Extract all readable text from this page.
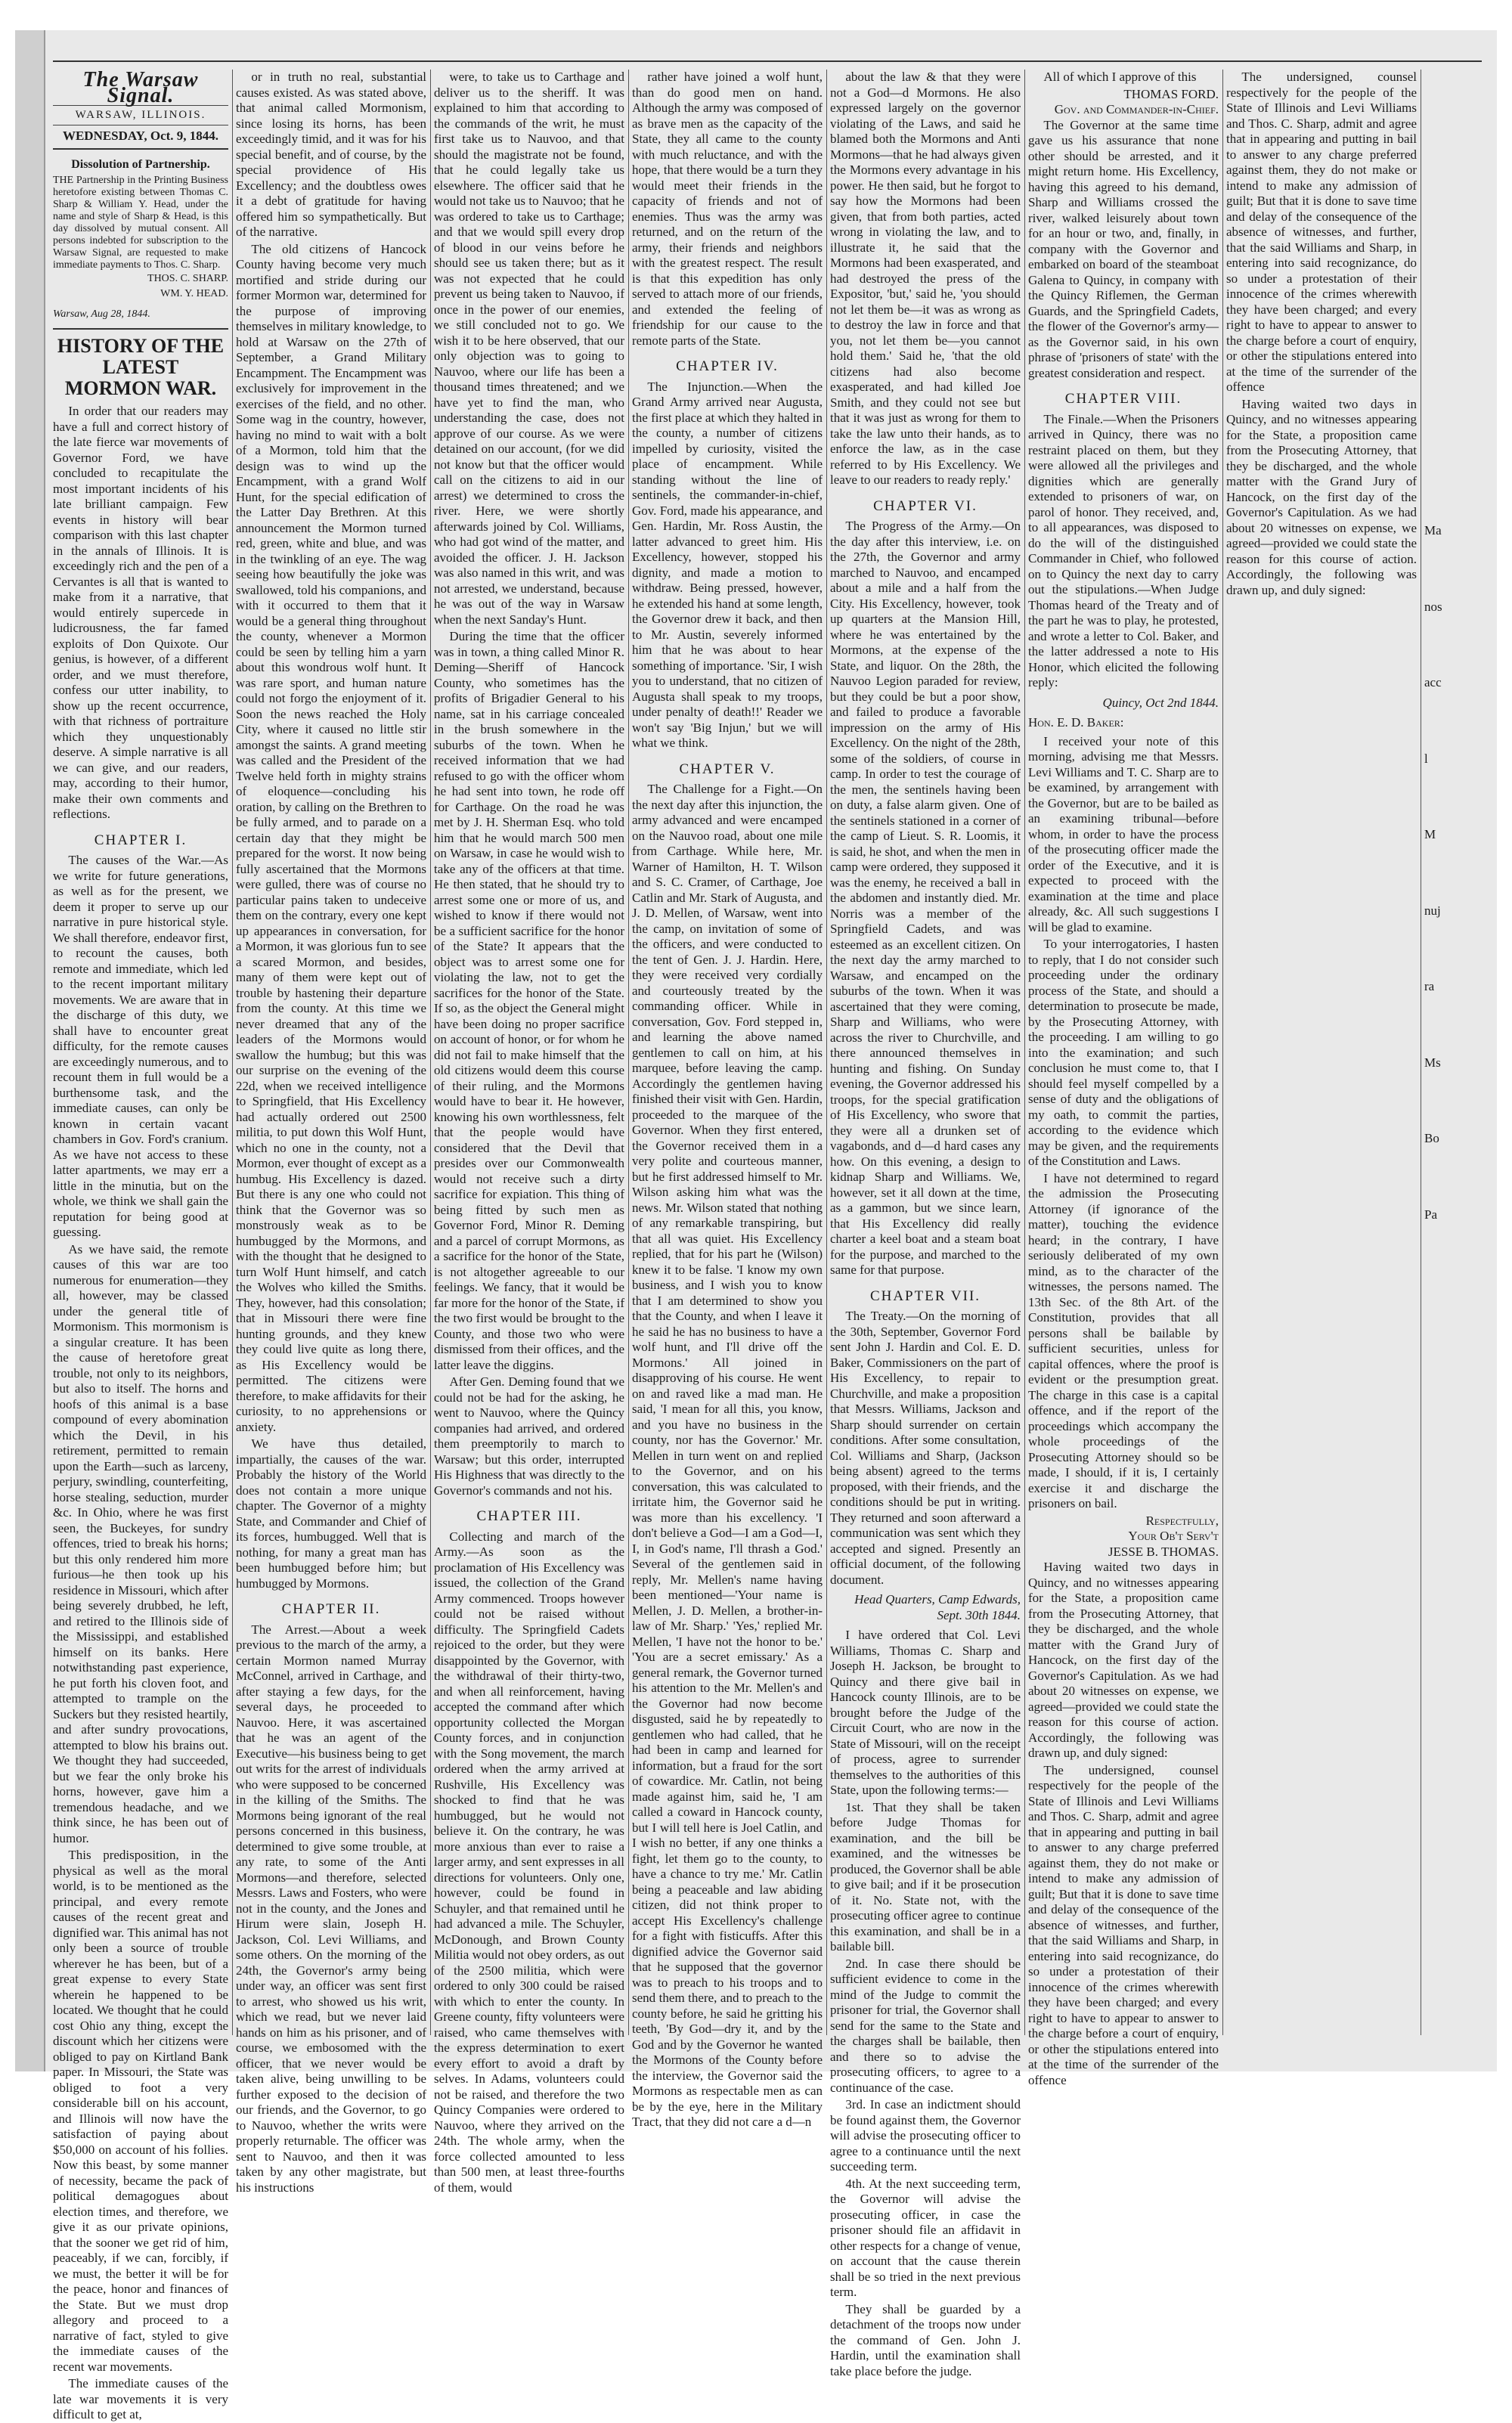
The Warsaw Signal.
WARSAW, ILLINOIS.
WEDNESDAY, Oct. 9, 1844.
Dissolution of Partnership.
THE Partnership in the Printing Business heretofore existing between Thomas C. Sharp & William Y. Head, under the name and style of Sharp & Head, is this day dissolved by mutual consent. All persons indebted for subscription to the Warsaw Signal, are requested to make immediate payments to Thos. C. Sharp.
THOS. C. SHARP.
WM. Y. HEAD.
Warsaw, Aug 28, 1844.
HISTORY OF THE LATEST MORMON WAR.

In order that our readers may have a full and correct history of the late fierce war movements of Governor Ford, we have concluded to recapitulate the most important incidents of his late brilliant campaign. Few events in history will bear comparison with this last chapter in the annals of Illinois. It is exceedingly rich and the pen of a Cervantes is all that is wanted to make from it a narrative, that would entirely supercede in ludicrousness, the far famed exploits of Don Quixote. Our genius, is however, of a different order, and we must therefore, confess our utter inability, to show up the recent occurrence, with that richness of portraiture which they unquestionably deserve. A simple narrative is all we can give, and our readers, may, according to their humor, make their own comments and reflections.

CHAPTER I.

The causes of the War.—As we write for future generations, as well as for the present, we deem it proper to serve up our narrative in pure historical style. We shall therefore, endeavor first, to recount the causes, both remote and immediate, which led to the recent important military movements. We are aware that in the discharge of this duty, we shall have to encounter great difficulty, for the remote causes are exceedingly numerous, and to recount them in full would be a burthensome task, and the immediate causes, can only be known in certain vacant chambers in Gov. Ford's cranium. As we have not access to these latter apartments, we may err a little in the minutia, but on the whole, we think we shall gain the reputation for being good at guessing.

As we have said, the remote causes of this war are too numerous for enumeration—they all, however, may be classed under the general title of Mormonism. This mormonism is a singular creature. It has been the cause of heretofore great trouble, not only to its neighbors, but also to itself. The horns and hoofs of this animal is a base compound of every abomination which the Devil, in his retirement, permitted to remain upon the Earth—such as larceny, perjury, swindling, counterfeiting, horse stealing, seduction, murder &c. In Ohio, where he was first seen, the Buckeyes, for sundry offences, tried to break his horns; but this only rendered him more furious—he then took up his residence in Missouri, which after being severely drubbed, he left, and retired to the Illinois side of the Mississippi, and established himself on its banks. Here notwithstanding past experience, he put forth his cloven foot, and attempted to trample on the Suckers but they resisted heartily, and after sundry provocations, attempted to blow his brains out. We thought they had succeeded, but we fear the only broke his horns, however, gave him a tremendous headache, and we think since, he has been out of humor.

This predisposition, in the physical as well as the moral world, is to be mentioned as the principal, and every remote causes of the recent great and dignified war. This animal has not only been a source of trouble wherever he has been, but of a great expense to every State wherein he happened to be located. We thought that he could cost Ohio any thing, except the discount which her citizens were obliged to pay on Kirtland Bank paper. In Missouri, the State was obliged to foot a very considerable bill on his account, and Illinois will now have the satisfaction of paying about $50,000 on account of his follies. Now this beast, by some manner of necessity, became the pack of political demagogues about election times, and therefore, we give it as our private opinions, that the sooner we get rid of him, peaceably, if we can, forcibly, if we must, the better it will be for the peace, honor and finances of the State. But we must drop allegory and proceed to a narrative of fact, styled to give the immediate causes of the recent war movements.

The immediate causes of the late war movements it is very difficult to get at,

or in truth no real, substantial causes existed. As was stated above, that animal called Mormonism, since losing its horns, has been exceedingly timid, and it was for his special benefit, and of course, by the special providence of His Excellency; and the doubtless owes it a debt of gratitude for having offered him so sympathetically. But of the narrative.

The old citizens of Hancock County having become very much mortified and stride during our former Mormon war, determined for the purpose of improving themselves in military knowledge, to hold at Warsaw on the 27th of September, a Grand Military Encampment. The Encampment was exclusively for improvement in the exercises of the field, and no other. Some wag in the country, however, having no mind to wait with a bolt of a Mormon, told him that the design was to wind up the Encampment, with a grand Wolf Hunt, for the special edification of the Latter Day Brethren. At this announcement the Mormon turned red, green, white and blue, and was in the twinkling of an eye. The wag seeing how beautifully the joke was swallowed, told his companions, and with it occurred to them that it would be a general thing throughout the county, whenever a Mormon could be seen by telling him a yarn about this wondrous wolf hunt. It was rare sport, and human nature could not forgo the enjoyment of it. Soon the news reached the Holy City, where it caused no little stir amongst the saints. A grand meeting was called and the President of the Twelve held forth in mighty strains of eloquence—concluding his oration, by calling on the Brethren to be fully armed, and to parade on a certain day that they might be prepared for the worst. It now being fully ascertained that the Mormons were gulled, there was of course no particular pains taken to undeceive them on the contrary, every one kept up appearances in conversation, for a Mormon, it was glorious fun to see a scared Mormon, and besides, many of them were kept out of trouble by hastening their departure from the county. At this time we never dreamed that any of the leaders of the Mormons would swallow the humbug; but this was our surprise on the evening of the 22d, when we received intelligence to Springfield, that His Excellency had actually ordered out 2500 militia, to put down this Wolf Hunt, which no one in the county, not a Mormon, ever thought of except as a humbug. His Excellency is dazed. But there is any one who could not think that the Governor was so monstrously weak as to be humbugged by the Mormons, and with the thought that he designed to turn Wolf Hunt himself, and catch the Wolves who killed the Smiths. They, however, had this consolation; that in Missouri there were fine hunting grounds, and they knew they could live quite as long there, as His Excellency would be permitted. The citizens were therefore, to make affidavits for their curiosity, to no apprehensions or anxiety.

We have thus detailed, impartially, the causes of the war. Probably the history of the World does not contain a more unique chapter. The Governor of a mighty State, and Commander and Chief of its forces, humbugged. Well that is nothing, for many a great man has been humbugged before him; but humbugged by Mormons.

CHAPTER II.

The Arrest.—About a week previous to the march of the army, a certain Mormon named Murray McConnel, arrived in Carthage, and after staying a few days, for the several days, he proceeded to Nauvoo. Here, it was ascertained that he was an agent of the Executive—his business being to get out writs for the arrest of individuals who were supposed to be concerned in the killing of the Smiths. The Mormons being ignorant of the real persons concerned in this business, determined to give some trouble, at any rate, to some of the Anti Mormons—and therefore, selected Messrs. Laws and Fosters, who were not in the county, and the Jones and Hirum were slain, Joseph H. Jackson, Col. Levi Williams, and some others. On the morning of the 24th, the Governor's army being under way, an officer was sent first to arrest, who showed us his writ, which we read, but we never laid hands on him as his prisoner, and of course, we embosomed with the officer, that we never would be taken alive, being unwilling to be further exposed to the decision of our friends, and the Governor, to go to Nauvoo, whether the writs were properly returnable. The officer was sent to Nauvoo, and then it was taken by any other magistrate, but his instructions

were, to take us to Carthage and deliver us to the sheriff. It was explained to him that according to the commands of the writ, he must first take us to Nauvoo, and that should the magistrate not be found, that he could legally take us elsewhere. The officer said that he would not take us to Nauvoo; that he was ordered to take us to Carthage; and that we would spill every drop of blood in our veins before he should see us taken there; but as it was not expected that he could prevent us being taken to Nauvoo, if once in the power of our enemies, we still concluded not to go. We wish it to be here observed, that our only objection was to going to Nauvoo, where our life has been a thousand times threatened; and we have yet to find the man, who understanding the case, does not approve of our course. As we were detained on our account, (for we did not know but that the officer would call on the citizens to aid in our arrest) we determined to cross the river. Here, we were shortly afterwards joined by Col. Williams, who had got wind of the matter, and avoided the officer. J. H. Jackson was also named in this writ, and was not arrested, we understand, because he was out of the way in Warsaw when the next Sanday's Hunt.

During the time that the officer was in town, a thing called Minor R. Deming—Sheriff of Hancock County, who sometimes has the profits of Brigadier General to his name, sat in his carriage concealed in the brush somewhere in the suburbs of the town. When he received information that we had refused to go with the officer whom he had sent into town, he rode off for Carthage. On the road he was met by J. H. Sherman Esq. who told him that he would march 500 men on Warsaw, in case he would wish to take any of the officers at that time. He then stated, that he should try to arrest some one or more of us, and wished to know if there would not be a sufficient sacrifice for the honor of the State? It appears that the object was to arrest some one for violating the law, not to get the sacrifices for the honor of the State. If so, as the object the General might have been doing no proper sacrifice on account of honor, or for whom he did not fail to make himself that the old citizens would deem this course of their ruling, and the Mormons would have to bear it. He however, knowing his own worthlessness, felt that the people would have considered that the Devil that presides over our Commonwealth would not receive such a dirty sacrifice for expiation. This thing of being fitted by such men as Governor Ford, Minor R. Deming and a parcel of corrupt Mormons, as a sacrifice for the honor of the State, is not altogether agreeable to our feelings. We fancy, that it would be far more for the honor of the State, if the two first would be brought to the County, and those two who were dismissed from their offices, and the latter leave the diggins.

After Gen. Deming found that we could not be had for the asking, he went to Nauvoo, where the Quincy companies had arrived, and ordered them preemptorily to march to Warsaw; but this order, interrupted His Highness that was directly to the Governor's commands and not his.

CHAPTER III.

Collecting and march of the Army.—As soon as the proclamation of His Excellency was issued, the collection of the Grand Army commenced. Troops however could not be raised without difficulty. The Springfield Cadets rejoiced to the order, but they were disappointed by the Governor, with the withdrawal of their thirty-two, and when all reinforcement, having accepted the command after which opportunity collected the Morgan County forces, and in conjunction with the Song movement, the march ordered when the army arrived at Rushville, His Excellency was shocked to find that he was humbugged, but he would not believe it. On the contrary, he was more anxious than ever to raise a larger army, and sent expresses in all directions for volunteers. Only one, however, could be found in Schuyler, and that remained until he had advanced a mile. The Schuyler, McDonough, and Brown County Militia would not obey orders, as out of the 2500 militia, which were ordered to only 300 could be raised with which to enter the county. In Greene county, fifty volunteers were raised, who came themselves with the express determination to exert every effort to avoid a draft by selves. In Adams, volunteers could not be raised, and therefore the two Quincy Companies were ordered to Nauvoo, where they arrived on the 24th. The whole army, when the force collected amounted to less than 500 men, at least three-fourths of them, would

rather have joined a wolf hunt, than do good men on hand. Although the army was composed of as brave men as the capacity of the State, they all came to the county with much reluctance, and with the hope, that there would be a turn they would meet their friends in the capacity of friends and not of enemies. Thus was the army was returned, and on the return of the army, their friends and neighbors with the greatest respect. The result is that this expedition has only served to attach more of our friends, and extended the feeling of friendship for our cause to the remote parts of the State.

CHAPTER IV.

The Injunction.—When the Grand Army arrived near Augusta, the first place at which they halted in the county, a number of citizens impelled by curiosity, visited the place of encampment. While standing without the line of sentinels, the commander-in-chief, Gov. Ford, made his appearance, and Gen. Hardin, Mr. Ross Austin, the latter advanced to greet him. His Excellency, however, stopped his dignity, and made a motion to withdraw. Being pressed, however, he extended his hand at some length, the Governor drew it back, and then to Mr. Austin, severely informed him that he was about to hear something of importance. 'Sir, I wish you to understand, that no citizen of Augusta shall speak to my troops, under penalty of death!!' Reader we won't say 'Big Injun,' but we will what we think.

CHAPTER V.

The Challenge for a Fight.—On the next day after this injunction, the army advanced and were encamped on the Nauvoo road, about one mile from Carthage. While here, Mr. Warner of Hamilton, H. T. Wilson and S. C. Cramer, of Carthage, Joe Catlin and Mr. Stark of Augusta, and J. D. Mellen, of Warsaw, went into the camp, on invitation of some of the officers, and were conducted to the tent of Gen. J. J. Hardin. Here, they were received very cordially and courteously treated by the commanding officer. While in conversation, Gov. Ford stepped in, and learning the above named gentlemen to call on him, at his marquee, before leaving the camp. Accordingly the gentlemen having finished their visit with Gen. Hardin, proceeded to the marquee of the Governor. When they first entered, the Governor received them in a very polite and courteous manner, but he first addressed himself to Mr. Wilson asking him what was the news. Mr. Wilson stated that nothing of any remarkable transpiring, but that all was quiet. His Excellency replied, that for his part he (Wilson) knew it to be false. 'I know my own business, and I wish you to know that I am determined to show you that the County, and when I leave it he said he has no business to have a wolf hunt, and I'll drive off the Mormons.' All joined in disapproving of his course. He went on and raved like a mad man. He said, 'I mean for all this, you know, and you have no business in the county, nor has the Governor.' Mr. Mellen in turn went on and replied to the Governor, and on his conversation, this was calculated to irritate him, the Governor said he was more than his excellency. 'I don't believe a God—I am a God—I, I, in God's name, I'll thrash a God.' Several of the gentlemen said in reply, Mr. Mellen's name having been mentioned—'Your name is Mellen, J. D. Mellen, a brother-in-law of Mr. Sharp.' 'Yes,' replied Mr. Mellen, 'I have not the honor to be.' 'You are a secret emissary.' As a general remark, the Governor turned his attention to the Mr. Mellen's and the Governor had now become disgusted, said he by repeatedly to gentlemen who had called, that he had been in camp and learned for information, but a fraud for the sort of cowardice. Mr. Catlin, not being made against him, said he, 'I am called a coward in Hancock county, but I will tell here is Joel Catlin, and I wish no better, if any one thinks a fight, let them go to the county, to have a chance to try me.' Mr. Catlin being a peaceable and law abiding citizen, did not think proper to accept His Excellency's challenge for a fight with fisticuffs. After this dignified advice the Governor said that he supposed that the governor was to preach to his troops and to send them there, and to preach to the county before, he said he gritting his teeth, 'By God—dry it, and by the God and by the Governor he wanted the Mormons of the County before the interview, the Governor said the Mormons as respectable men as can be by the eye, here in the Military Tract, that they did not care a d—n

about the law & that they were not a God—d Mormons. He also expressed largely on the governor violating of the Laws, and said he blamed both the Mormons and Anti Mormons—that he had always given the Mormons every advantage in his power. He then said, but he forgot to say how the Mormons had been given, that from both parties, acted wrong in violating the law, and to illustrate it, he said that the Mormons had been exasperated, and had destroyed the press of the Expositor, 'but,' said he, 'you should not let them be—it was as wrong as to destroy the law in force and that you, not let them be—you cannot hold them.' Said he, 'that the old citizens had also become exasperated, and had killed Joe Smith, and they could not see but that it was just as wrong for them to take the law unto their hands, as to enforce the law, as in the case referred to by His Excellency. We leave to our readers to ready reply.'

CHAPTER VI.

The Progress of the Army.—On the day after this interview, i.e. on the 27th, the Governor and army marched to Nauvoo, and encamped about a mile and a half from the City. His Excellency, however, took up quarters at the Mansion Hill, where he was entertained by the Mormons, at the expense of the State, and liquor. On the 28th, the Nauvoo Legion paraded for review, but they could be but a poor show, and failed to produce a favorable impression on the army of His Excellency. On the night of the 28th, some of the soldiers, of course in camp. In order to test the courage of the men, the sentinels having been on duty, a false alarm given. One of the sentinels stationed in a corner of the camp of Lieut. S. R. Loomis, it is said, he shot, and when the men in camp were ordered, they supposed it was the enemy, he received a ball in the abdomen and instantly died. Mr. Norris was a member of the Springfield Cadets, and was esteemed as an excellent citizen. On the next day the army marched to Warsaw, and encamped on the suburbs of the town. When it was ascertained that they were coming, Sharp and Williams, who were across the river to Churchville, and there announced themselves in hunting and fishing. On Sunday evening, the Governor addressed his troops, for the special gratification of His Excellency, who swore that they were all a drunken set of vagabonds, and d—d hard cases any how. On this evening, a design to kidnap Sharp and Williams. We, however, set it all down at the time, as a gammon, but we since learn, that His Excellency did really charter a keel boat and a steam boat for the purpose, and marched to the same for that purpose.

CHAPTER VII.

The Treaty.—On the morning of the 30th, September, Governor Ford sent John J. Hardin and Col. E. D. Baker, Commissioners on the part of His Excellency, to repair to Churchville, and make a proposition that Messrs. Williams, Jackson and Sharp should surrender on certain conditions. After some consultation, Col. Williams and Sharp, (Jackson being absent) agreed to the terms proposed, with their friends, and the conditions should be put in writing. They returned and soon afterward a communication was sent which they accepted and signed. Presently an official document, of the following document.

Head Quarters, Camp Edwards, Sept. 30th 1844.

I have ordered that Col. Levi Williams, Thomas C. Sharp and Joseph H. Jackson, be brought to Quincy and there give bail in Hancock county Illinois, are to be brought before the Judge of the Circuit Court, who are now in the State of Missouri, will on the receipt of process, agree to surrender themselves to the authorities of this State, upon the following terms:—

1st. That they shall be taken before Judge Thomas for examination, and the bill be examined, and the witnesses be produced, the Governor shall be able to give bail; and if it be prosecution of it. No. State not, with the prosecuting officer agree to continue this examination, and shall be in a bailable bill.

2nd. In case there should be sufficient evidence to come in the mind of the Judge to commit the prisoner for trial, the Governor shall send for the same to the State and the charges shall be bailable, then and there so to advise the prosecuting officers, to agree to a continuance of the case.

3rd. In case an indictment should be found against them, the Governor will advise the prosecuting officer to agree to a continuance until the next succeeding term.

4th. At the next succeeding term, the Governor will advise the prosecuting officer, in case the prisoner should file an affidavit in other respects for a change of venue, on account that the cause therein shall be so tried in the next previous term.

They shall be guarded by a detachment of the troops now under the command of Gen. John J. Hardin, until the examination shall take place before the judge.

All of which I approve of this

THOMAS FORD.
Gov. and Commander-in-Chief.

The Governor at the same time gave us his assurance that none other should be arrested, and it might return home. His Excellency, having this agreed to his demand, Sharp and Williams crossed the river, walked leisurely about town for an hour or two, and, finally, in company with the Governor and embarked on board of the steamboat Galena to Quincy, in company with the Quincy Riflemen, the German Guards, and the Springfield Cadets, the flower of the Governor's army—as the Governor said, in his own phrase of 'prisoners of state' with the greatest consideration and respect.

CHAPTER VIII.

The Finale.—When the Prisoners arrived in Quincy, there was no restraint placed on them, but they were allowed all the privileges and dignities which are generally extended to prisoners of war, on parol of honor. They received, and, to all appearances, was disposed to do the will of the distinguished Commander in Chief, who followed on to Quincy the next day to carry out the stipulations.—When Judge Thomas heard of the Treaty and of the part he was to play, he protested, and wrote a letter to Col. Baker, and the latter addressed a note to His Honor, which elicited the following reply:

Quincy, Oct 2nd 1844.
Hon. E. D. Baker:

I received your note of this morning, advising me that Messrs. Levi Williams and T. C. Sharp are to be examined, by arrangement with the Governor, but are to be bailed as an examining tribunal—before whom, in order to have the process of the prosecuting officer made the order of the Executive, and it is expected to proceed with the examination at the time and place already, &c. All such suggestions I will be glad to examine.

To your interrogatories, I hasten to reply, that I do not consider such proceeding under the ordinary process of the State, and should a determination to prosecute be made, by the Prosecuting Attorney, with the proceeding. I am willing to go into the examination; and such conclusion he must come to, that I should feel myself compelled by a sense of duty and the obligations of my oath, to commit the parties, according to the evidence which may be given, and the requirements of the Constitution and Laws.

I have not determined to regard the admission the Prosecuting Attorney (if ignorance of the matter), touching the evidence heard; in the contrary, I have seriously deliberated of my own mind, as to the character of the witnesses, the persons named. The 13th Sec. of the 8th Art. of the Constitution, provides that all persons shall be bailable by sufficient securities, unless for capital offences, where the proof is evident or the presumption great. The charge in this case is a capital offence, and if the report of the proceedings which accompany the whole proceedings of the Prosecuting Attorney should so be made, I should, if it is, I certainly exercise it and discharge the prisoners on bail.

Respectfully,
Your Ob't Serv't
JESSE B. THOMAS.

Having waited two days in Quincy, and no witnesses appearing for the State, a proposition came from the Prosecuting Attorney, that they be discharged, and the whole matter with the Grand Jury of Hancock, on the first day of the Governor's Capitulation. As we had about 20 witnesses on expense, we agreed—provided we could state the reason for this course of action. Accordingly, the following was drawn up, and duly signed:

The undersigned, counsel respectively for the people of the State of Illinois and Levi Williams and Thos. C. Sharp, admit and agree that in appearing and putting in bail to answer to any charge preferred against them, they do not make or intend to make any admission of guilt; But that it is done to save time and delay of the consequence of the absence of witnesses, and further, that the said Williams and Sharp, in entering into said recognizance, do so under a protestation of their innocence of the crimes wherewith they have been charged; and every right to have to appear to answer to the charge before a court of enquiry, or other the stipulations entered into at the time of the surrender of the offence

The undersigned, counsel respectively for the people of the State of Illinois and Levi Williams and Thos. C. Sharp, admit and agree that in appearing and putting in bail to answer to any charge preferred against them, they do not make or intend to make any admission of guilt; But that it is done to save time and delay of the consequence of the absence of witnesses, and further, that the said Williams and Sharp, in entering into said recognizance, do so under a protestation of their innocence of the crimes wherewith they have been charged; and every right to have to appear to answer to the charge before a court of enquiry, or other the stipulations entered into at the time of the surrender of the offence

Having waited two days in Quincy, and no witnesses appearing for the State, a proposition came from the Prosecuting Attorney, that they be discharged, and the whole matter with the Grand Jury of Hancock, on the first day of the Governor's Capitulation. As we had about 20 witnesses on expense, we agreed—provided we could state the reason for this course of action. Accordingly, the following was drawn up, and duly signed:

Ma
nos
acc
l
M
nuj
ra
Ms
Bo
Pa
